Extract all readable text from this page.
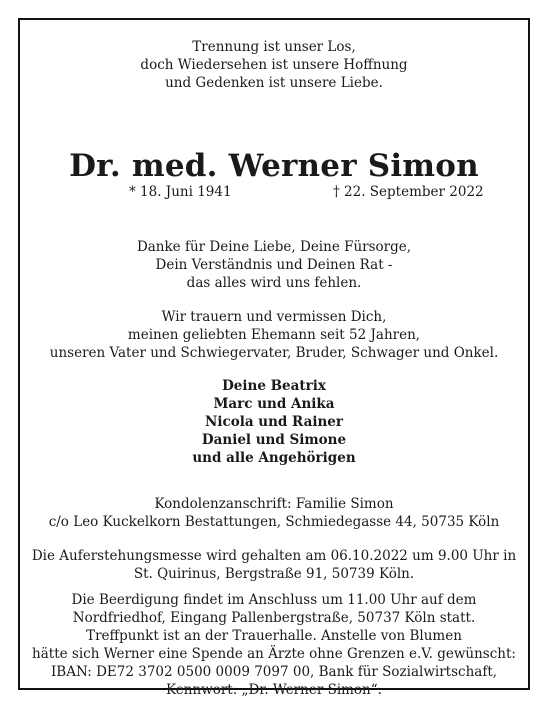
Trennung ist unser Los,
doch Wiedersehen ist unsere Hoffnung
und Gedenken ist unsere Liebe.
Dr. med. Werner Simon
* 18. Juni 1941	† 22. September 2022
Danke für Deine Liebe, Deine Fürsorge,
Dein Verständnis und Deinen Rat -
das alles wird uns fehlen.
Wir trauern und vermissen Dich,
meinen geliebten Ehemann seit 52 Jahren,
unseren Vater und Schwiegervater, Bruder, Schwager und Onkel.
Deine Beatrix
Marc und Anika
Nicola und Rainer
Daniel und Simone
und alle Angehörigen
Kondolenzanschrift: Familie Simon
c/o Leo Kuckelkorn Bestattungen, Schmiedegasse 44, 50735 Köln
Die Auferstehungsmesse wird gehalten am 06.10.2022 um 9.00 Uhr in
St. Quirinus, Bergstraße 91, 50739 Köln.
Die Beerdigung findet im Anschluss um 11.00 Uhr auf dem
Nordfriedhof, Eingang Pallenbergstraße, 50737 Köln statt.
Treffpunkt ist an der Trauerhalle. Anstelle von Blumen
hätte sich Werner eine Spende an Ärzte ohne Grenzen e.V. gewünscht:
IBAN: DE72 3702 0500 0009 7097 00, Bank für Sozialwirtschaft,
Kennwort: „Dr. Werner Simon“.
